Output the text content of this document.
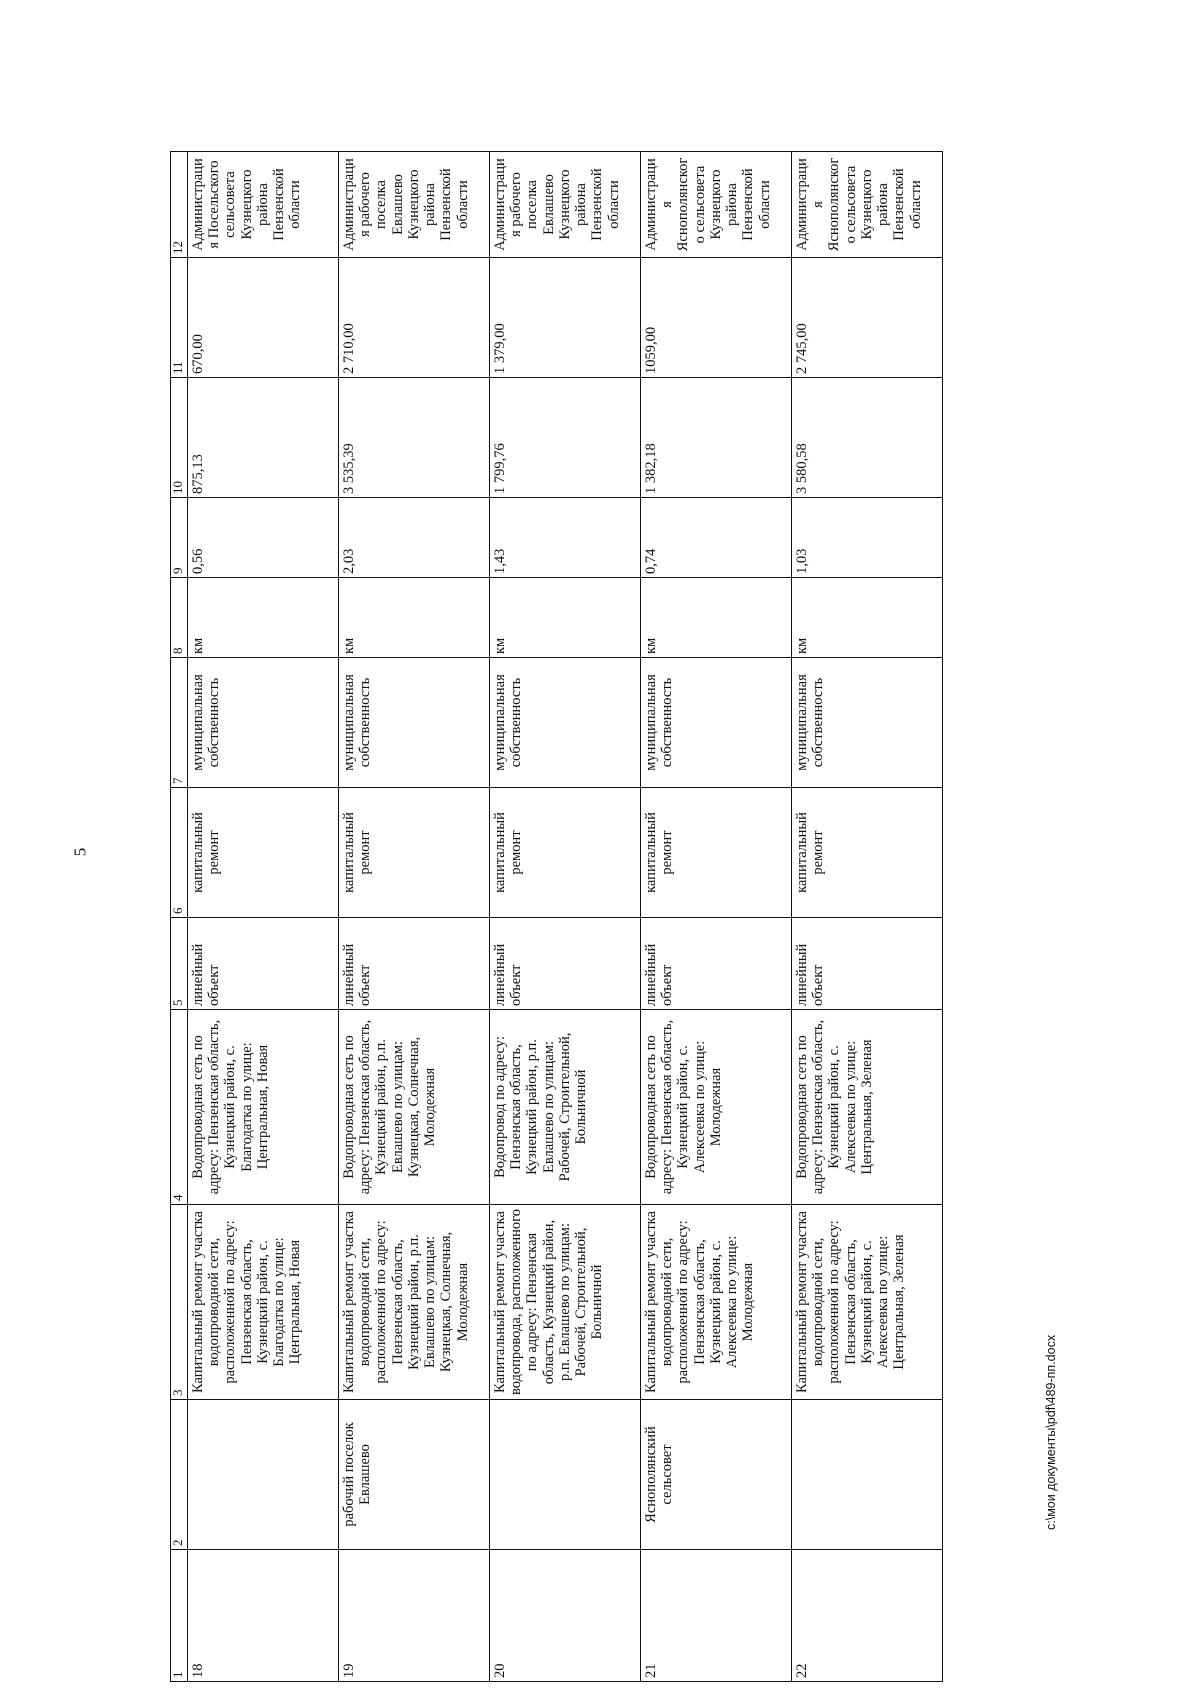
5
1	2	3	4	5	6	7	8	9	10	11	12
18		Капитальный ремонт участка водопроводной сети, расположенной по адресу: Пензенская область, Кузнецкий район, с. Благодатка по улице: Центральная, Новая	Водопроводная сеть по адресу: Пензенская область, Кузнецкий район, с. Благодатка по улице: Центральная, Новая	линейный объект	капитальный ремонт	муниципальная собственность	км	0,56	875,13	670,00	Администрация Посельского сельсовета Кузнецкого района Пензенской области
19	рабочий поселок Евлашево	Капитальный ремонт участка водопроводной сети, расположенной по адресу: Пензенская область, Кузнецкий район, р.п. Евлашево по улицам: Кузнецкая, Солнечная, Молодежная	Водопроводная сеть по адресу: Пензенская область, Кузнецкий район, р.п. Евлашево по улицам: Кузнецкая, Солнечная, Молодежная	линейный объект	капитальный ремонт	муниципальная собственность	км	2,03	3 535,39	2 710,00	Администрация рабочего поселка Евлашево Кузнецкого района Пензенской области
20		Капитальный ремонт участка водопровода, расположенного по адресу: Пензенская область, Кузнецкий район, р.п. Евлашево по улицам: Рабочей, Строительной, Больничной	Водопровод по адресу: Пензенская область, Кузнецкий район, р.п. Евлашево по улицам: Рабочей, Строительной, Больничной	линейный объект	капитальный ремонт	муниципальная собственность	км	1,43	1 799,76	1 379,00	Администрация рабочего поселка Евлашево Кузнецкого района Пензенской области
21	Яснополянский сельсовет	Капитальный ремонт участка водопроводной сети, расположенной по адресу: Пензенская область, Кузнецкий район, с. Алексеевка по улице: Молодежная	Водопроводная сеть по адресу: Пензенская область, Кузнецкий район, с. Алексеевка по улице: Молодежная	линейный объект	капитальный ремонт	муниципальная собственность	км	0,74	1 382,18	1059,00	Администрация Яснополянского сельсовета Кузнецкого района Пензенской области
22		Капитальный ремонт участка водопроводной сети, расположенной по адресу: Пензенская область, Кузнецкий район, с. Алексеевка по улице: Центральная, Зеленая	Водопроводная сеть по адресу: Пензенская область, Кузнецкий район, с. Алексеевка по улице: Центральная, Зеленая	линейный объект	капитальный ремонт	муниципальная собственность	км	1,03	3 580,58	2 745,00	Администрация Яснополянского сельсовета Кузнецкого района Пензенской области
c:\мои документы\pdf\489-пп.docx
